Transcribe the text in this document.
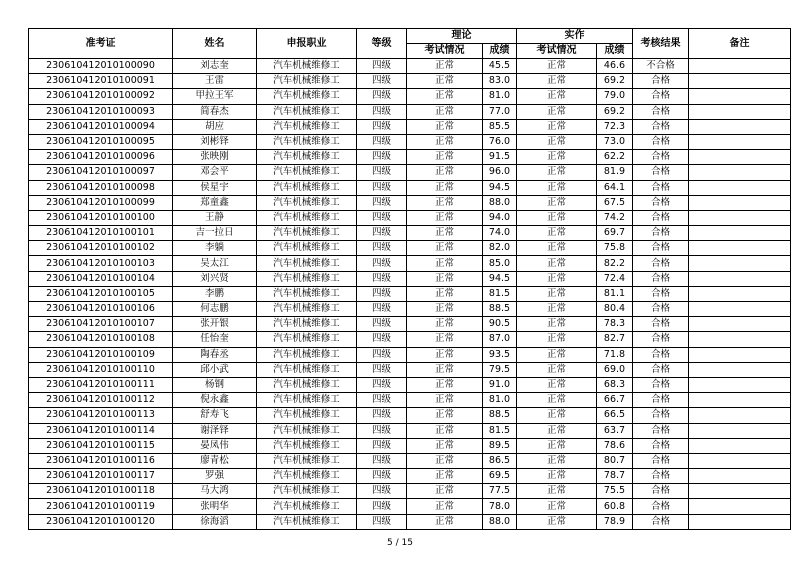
准考证	姓名	申报职业	等级	理论		实作		考核结果	备注
				考试情况	成绩	考试情况	成绩		
230610412010100090	刘志奎	汽车机械维修工	四级	正常	45.5	正常	46.6	不合格	
230610412010100091	王雷	汽车机械维修工	四级	正常	83.0	正常	69.2	合格	
230610412010100092	甲拉王军	汽车机械维修工	四级	正常	81.0	正常	79.0	合格	
230610412010100093	简春杰	汽车机械维修工	四级	正常	77.0	正常	69.2	合格	
230610412010100094	胡应	汽车机械维修工	四级	正常	85.5	正常	72.3	合格	
230610412010100095	刘彬铎	汽车机械维修工	四级	正常	76.0	正常	73.0	合格	
230610412010100096	张映刚	汽车机械维修工	四级	正常	91.5	正常	62.2	合格	
230610412010100097	邓会平	汽车机械维修工	四级	正常	96.0	正常	81.9	合格	
230610412010100098	侯星宇	汽车机械维修工	四级	正常	94.5	正常	64.1	合格	
230610412010100099	郑童鑫	汽车机械维修工	四级	正常	88.0	正常	67.5	合格	
230610412010100100	王静	汽车机械维修工	四级	正常	94.0	正常	74.2	合格	
230610412010100101	吉一拉日	汽车机械维修工	四级	正常	74.0	正常	69.7	合格	
230610412010100102	李躺	汽车机械维修工	四级	正常	82.0	正常	75.8	合格	
230610412010100103	吴太江	汽车机械维修工	四级	正常	85.0	正常	82.2	合格	
230610412010100104	刘兴贤	汽车机械维修工	四级	正常	94.5	正常	72.4	合格	
230610412010100105	李鹏	汽车机械维修工	四级	正常	81.5	正常	81.1	合格	
230610412010100106	何志鹏	汽车机械维修工	四级	正常	88.5	正常	80.4	合格	
230610412010100107	张开银	汽车机械维修工	四级	正常	90.5	正常	78.3	合格	
230610412010100108	任怡奎	汽车机械维修工	四级	正常	87.0	正常	82.7	合格	
230610412010100109	陶春丞	汽车机械维修工	四级	正常	93.5	正常	71.8	合格	
230610412010100110	邱小武	汽车机械维修工	四级	正常	79.5	正常	69.0	合格	
230610412010100111	杨钢	汽车机械维修工	四级	正常	91.0	正常	68.3	合格	
230610412010100112	倪永鑫	汽车机械维修工	四级	正常	81.0	正常	66.7	合格	
230610412010100113	舒寿飞	汽车机械维修工	四级	正常	88.5	正常	66.5	合格	
230610412010100114	谢泽铎	汽车机械维修工	四级	正常	81.5	正常	63.7	合格	
230610412010100115	晏凤伟	汽车机械维修工	四级	正常	89.5	正常	78.6	合格	
230610412010100116	廖青松	汽车机械维修工	四级	正常	86.5	正常	80.7	合格	
230610412010100117	罗强	汽车机械维修工	四级	正常	69.5	正常	78.7	合格	
230610412010100118	马大鸿	汽车机械维修工	四级	正常	77.5	正常	75.5	合格	
230610412010100119	张明华	汽车机械维修工	四级	正常	78.0	正常	60.8	合格	
230610412010100120	徐海滔	汽车机械维修工	四级	正常	88.0	正常	78.9	合格	
5 / 15
